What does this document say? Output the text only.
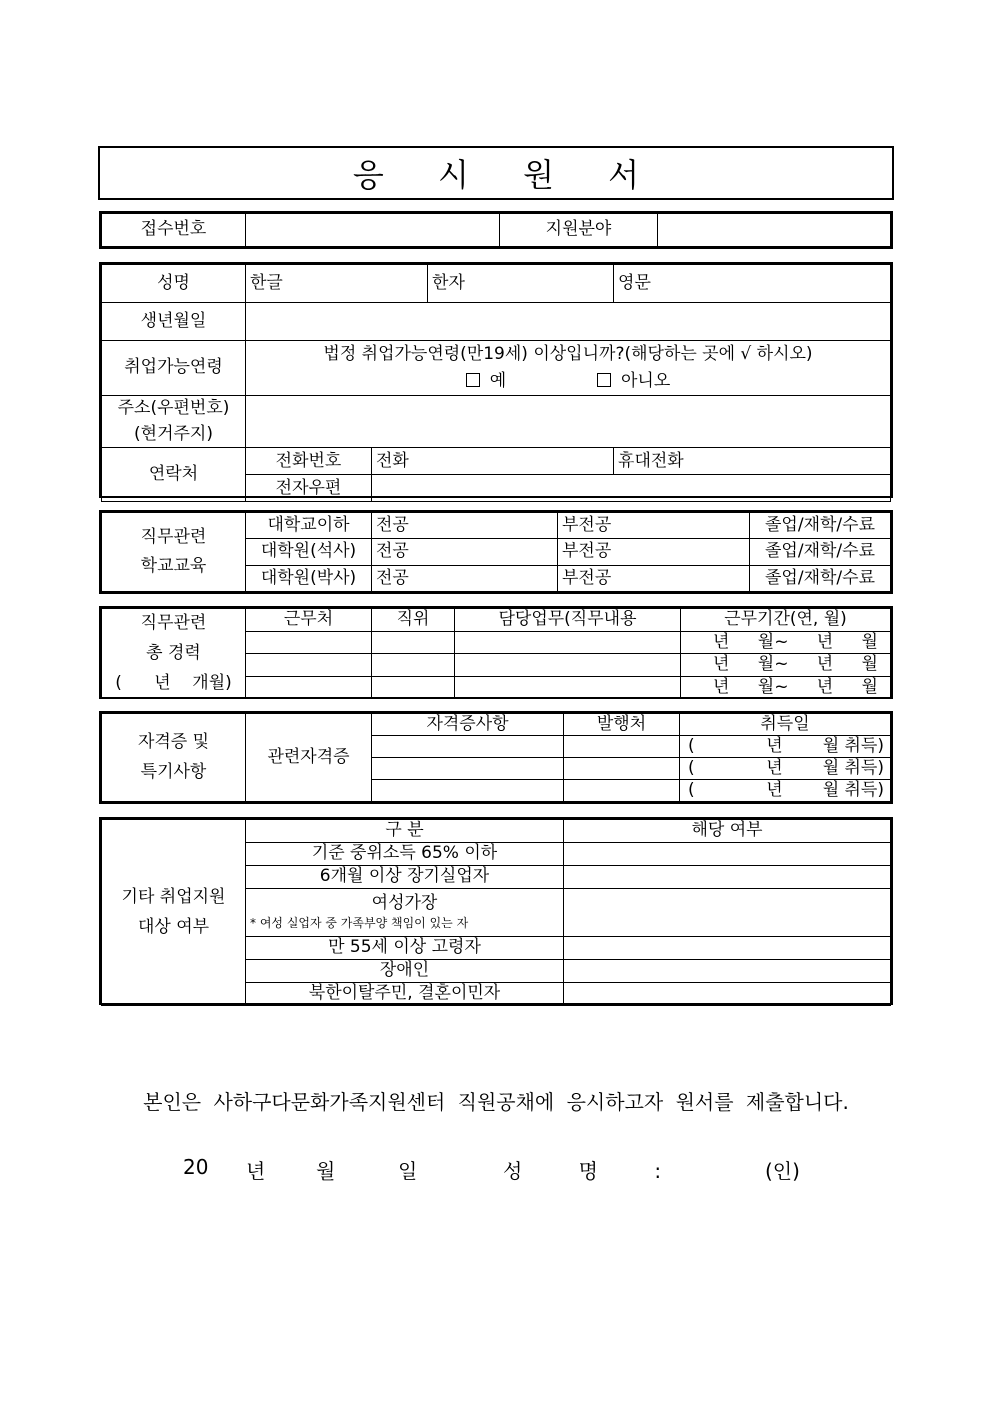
응 시 원 서
접수번호		지원분야	
성명	한글		한자	영문
생년월일				
취업가능연령	법정 취업가능연령(만19세) 이상입니까?(해당하는 곳에 √ 하시오)
예 아니오			

주소(우편번호)
(현거주지)				

연락처	전화번호	전화		휴대전화
	전자우편			
직무관련
학교교육	대학교이하	전공	부전공	졸업/재학/수료
	대학원(석사)	전공	부전공	졸업/재학/수료
	대학원(박사)	전공	부전공	졸업/재학/수료
직무관련
총 경력
(      년    개월)	근무처	직위	담당업무(직무내용	근무기간(연, 월)

				년 월~ 년 월

				년 월~ 년 월

				년 월~ 년 월
자격증 및
특기사항	관련자격증	자격증사항	발행처	취득일

				( 년 월 취득)

				( 년 월 취득)

				( 년 월 취득)
기타 취업지원
대상 여부	구 분	해당 여부
	기준 중위소득 65% 이하	
	6개월 이상 장기실업자	

	여성가장
* 여성 실업자 중 가족부양 책임이 있는 자	

	만 55세 이상 고령자	
	장애인	
	북한이탈주민, 결혼이민자	
본인은 사하구다문화가족지원센터 직원공채에 응시하고자 원서를 제출합니다.
20 년	월	일	성 명 :	(인)
